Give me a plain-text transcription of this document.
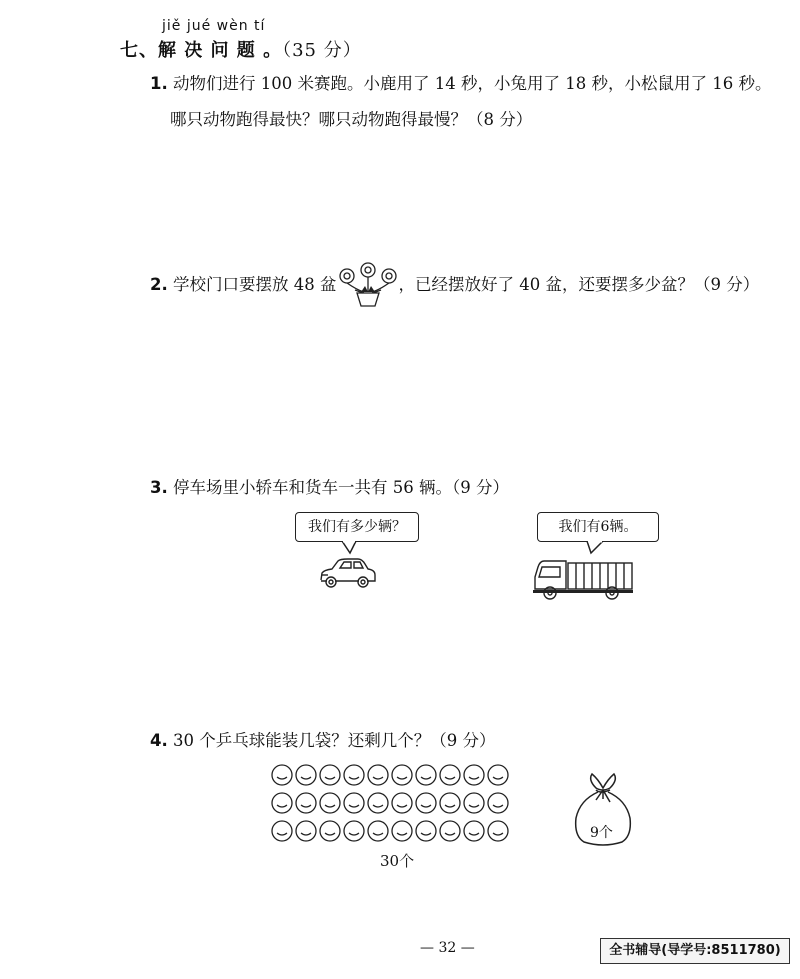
jiě jué wèn tí
七、解 决 问 题 。（35 分）
1. 动物们进行 100 米赛跑。小鹿用了 14 秒，小兔用了 18 秒，小松鼠用了 16 秒。
哪只动物跑得最快？哪只动物跑得最慢？（8 分）
2. 学校门口要摆放 48 盆	，已经摆放好了 40 盆，还要摆多少盆？（9 分）
3. 停车场里小轿车和货车一共有 56 辆。（9 分）
我们有多少辆？	我们有6辆。
4. 30 个乒乓球能装几袋？还剩几个？（9 分）
30个
9个
— 32 —	全书辅导(导学号:8511780)
